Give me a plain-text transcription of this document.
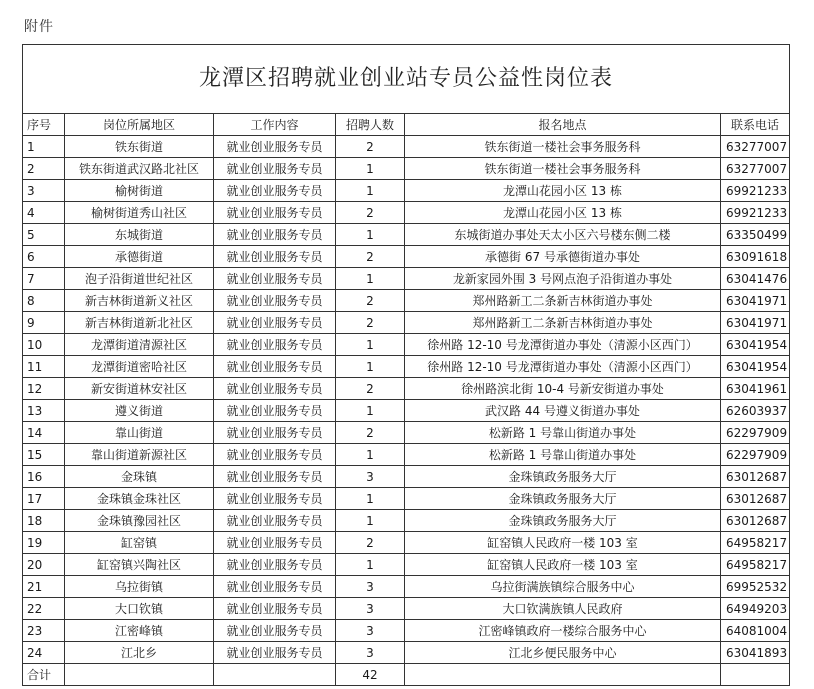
附件
龙潭区招聘就业创业站专员公益性岗位表					
序号	岗位所属地区	工作内容	招聘人数	报名地点	联系电话
1	铁东街道	就业创业服务专员	2	铁东街道一楼社会事务服务科	63277007
2	铁东街道武汉路北社区	就业创业服务专员	1	铁东街道一楼社会事务服务科	63277007
3	榆树街道	就业创业服务专员	1	龙潭山花园小区 13 栋	69921233
4	榆树街道秀山社区	就业创业服务专员	2	龙潭山花园小区 13 栋	69921233
5	东城街道	就业创业服务专员	1	东城街道办事处天太小区六号楼东侧二楼	63350499
6	承德街道	就业创业服务专员	2	承德街 67 号承德街道办事处	63091618
7	泡子沿街道世纪社区	就业创业服务专员	1	龙新家园外围 3 号网点泡子沿街道办事处	63041476
8	新吉林街道新义社区	就业创业服务专员	2	郑州路新工二条新吉林街道办事处	63041971
9	新吉林街道新北社区	就业创业服务专员	2	郑州路新工二条新吉林街道办事处	63041971
10	龙潭街道清源社区	就业创业服务专员	1	徐州路 12-10 号龙潭街道办事处（清源小区西门）	63041954
11	龙潭街道密哈社区	就业创业服务专员	1	徐州路 12-10 号龙潭街道办事处（清源小区西门）	63041954
12	新安街道林安社区	就业创业服务专员	2	徐州路滨北街 10-4 号新安街道办事处	63041961
13	遵义街道	就业创业服务专员	1	武汉路 44 号遵义街道办事处	62603937
14	靠山街道	就业创业服务专员	2	松新路 1 号靠山街道办事处	62297909
15	靠山街道新源社区	就业创业服务专员	1	松新路 1 号靠山街道办事处	62297909
16	金珠镇	就业创业服务专员	3	金珠镇政务服务大厅	63012687
17	金珠镇金珠社区	就业创业服务专员	1	金珠镇政务服务大厅	63012687
18	金珠镇豫园社区	就业创业服务专员	1	金珠镇政务服务大厅	63012687
19	缸窑镇	就业创业服务专员	2	缸窑镇人民政府一楼 103 室	64958217
20	缸窑镇兴陶社区	就业创业服务专员	1	缸窑镇人民政府一楼 103 室	64958217
21	乌拉街镇	就业创业服务专员	3	乌拉街满族镇综合服务中心	69952532
22	大口钦镇	就业创业服务专员	3	大口钦满族镇人民政府	64949203
23	江密峰镇	就业创业服务专员	3	江密峰镇政府一楼综合服务中心	64081004
24	江北乡	就业创业服务专员	3	江北乡便民服务中心	63041893
合计			42		
